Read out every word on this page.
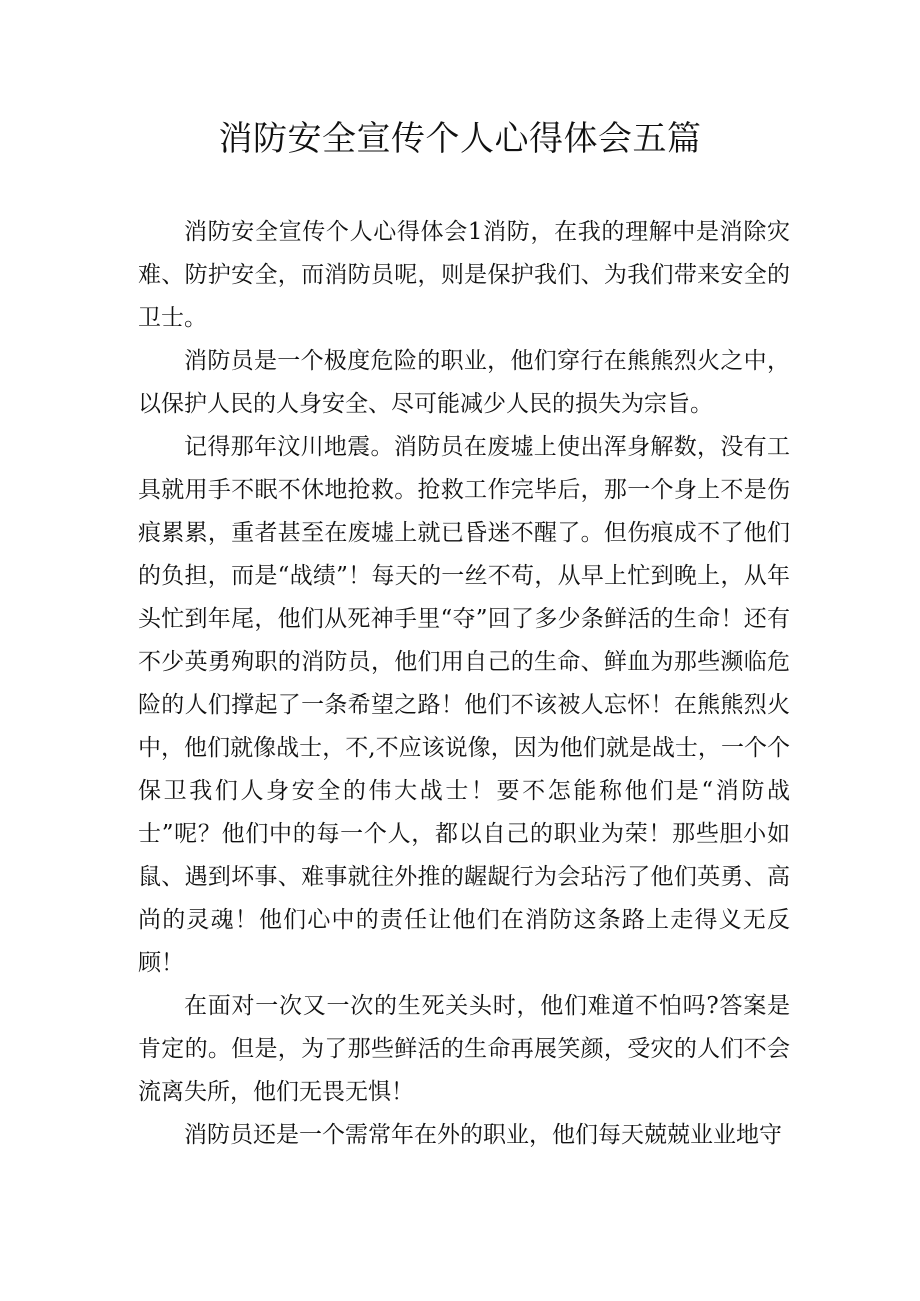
消防安全宣传个人心得体会五篇

消防安全宣传个人心得体会1消防，在我的理解中是消除灾难、防护安全，而消防员呢，则是保护我们、为我们带来安全的卫士。

消防员是一个极度危险的职业，他们穿行在熊熊烈火之中，以保护人民的人身安全、尽可能减少人民的损失为宗旨。

记得那年汶川地震。消防员在废墟上使出浑身解数，没有工具就用手不眠不休地抢救。抢救工作完毕后，那一个身上不是伤痕累累，重者甚至在废墟上就已昏迷不醒了。但伤痕成不了他们的负担，而是“战绩”！每天的一丝不苟，从早上忙到晚上，从年头忙到年尾，他们从死神手里“夺”回了多少条鲜活的生命！还有不少英勇殉职的消防员，他们用自己的生命、鲜血为那些濒临危险的人们撑起了一条希望之路！他们不该被人忘怀！在熊熊烈火中，他们就像战士，不,不应该说像，因为他们就是战士，一个个保卫我们人身安全的伟大战士！要不怎能称他们是“消防战士”呢？他们中的每一个人，都以自己的职业为荣！那些胆小如鼠、遇到坏事、难事就往外推的龌龊行为会玷污了他们英勇、高尚的灵魂！他们心中的责任让他们在消防这条路上走得义无反顾！

在面对一次又一次的生死关头时，他们难道不怕吗?答案是肯定的。但是，为了那些鲜活的生命再展笑颜，受灾的人们不会流离失所，他们无畏无惧！

消防员还是一个需常年在外的职业，他们每天兢兢业业地守
